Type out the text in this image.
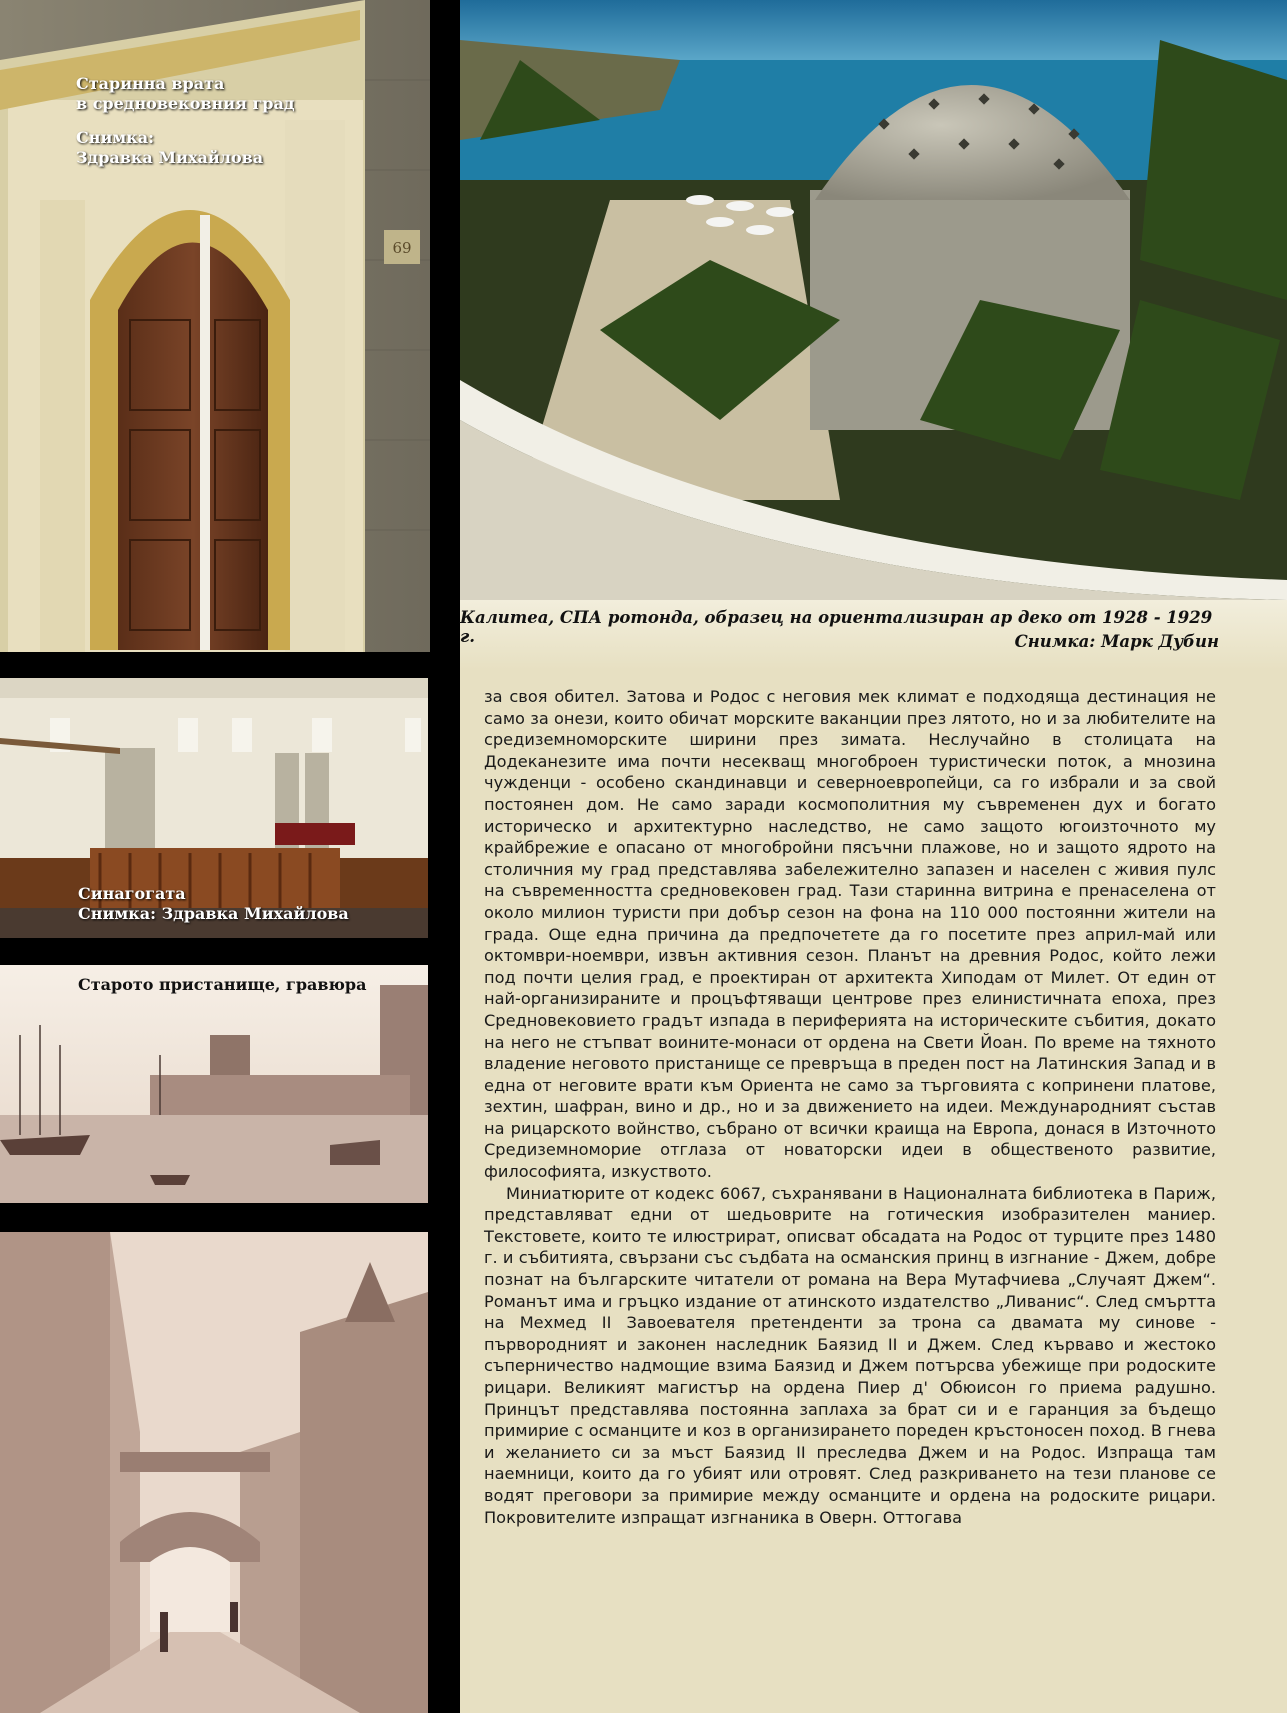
69
Старинна врата
в средновековния град
Снимка:
Здравка Михайлова
Синагогата
Снимка: Здравка Михайлова
Старото пристанище, гравюра
Калитеа, СПА ротонда, образец на ориентализиран ар деко от 1928 - 1929 г.	Снимка: Марк Дубин

за своя обител. Затова и Родос с неговия мек климат е подходяща дестинация не само за онези, които обичат морските ваканции през лятото, но и за любителите на средиземноморските ширини през зимата. Неслучайно в столицата на Додеканезите има почти несекващ многоброен туристически поток, а мнозина чужденци - особено скандинавци и северноевропейци, са го избрали и за свой постоянен дом. Не само заради космополитния му съвременен дух и богато историческо и архитектурно наследство, не само защото югоизточното му крайбрежие е опасано от многобройни пясъчни плажове, но и защото ядрото на столичния му град представлява забележително запазен и населен с живия пулс на съвременността средновековен град. Тази старинна витрина е пренаселена от около милион туристи при добър сезон на фона на 110 000 постоянни жители на града. Още една причина да предпочетете да го посетите през април-май или октомври-ноември, извън активния сезон. Планът на древния Родос, който лежи под почти целия град, е проектиран от архитекта Хиподам от Милет. От един от най-организираните и процъфтяващи центрове през елинистичната епоха, през Средновековието градът изпада в периферията на историческите събития, докато на него не стъпват воините-монаси от ордена на Свети Йоан. По време на тяхното владение неговото пристанище се превръща в преден пост на Латинския Запад и в една от неговите врати към Ориента не само за търговията с копринени платове, зехтин, шафран, вино и др., но и за движението на идеи. Международният състав на рицарското войнство, събрано от всички краища на Европа, донася в Източното Средиземноморие отглаза от новаторски идеи в общественото развитие, философията, изкуството.

Миниатюрите от кодекс 6067, съхранявани в Националната библиотека в Париж, представляват едни от шедьоврите на готическия изобразителен маниер. Текстовете, които те илюстрират, описват обсадата на Родос от турците през 1480 г. и събитията, свързани със съдбата на османския принц в изгнание - Джем, добре познат на българските читатели от романа на Вера Мутафчиева „Случаят Джем“. Романът има и гръцко издание от атинското издателство „Ливанис“. След смъртта на Мехмед II Завоевателя претенденти за трона са двамата му синове - първородният и законен наследник Баязид II и Джем. След кърваво и жестоко съперничество надмощие взима Баязид и Джем потърсва убежище при родоските рицари. Великият магистър на ордена Пиер д' Обюисон го приема радушно. Принцът представлява постоянна заплаха за брат си и е гаранция за бъдещо примирие с османците и коз в организирането пореден кръстоносен поход. В гнева и желанието си за мъст Баязид II преследва Джем и на Родос. Изпраща там наемници, които да го убият или отровят. След разкриването на тези планове се водят преговори за примирие между османците и ордена на родоските рицари. Покровителите изпращат изгнаника в Оверн. Оттогава
